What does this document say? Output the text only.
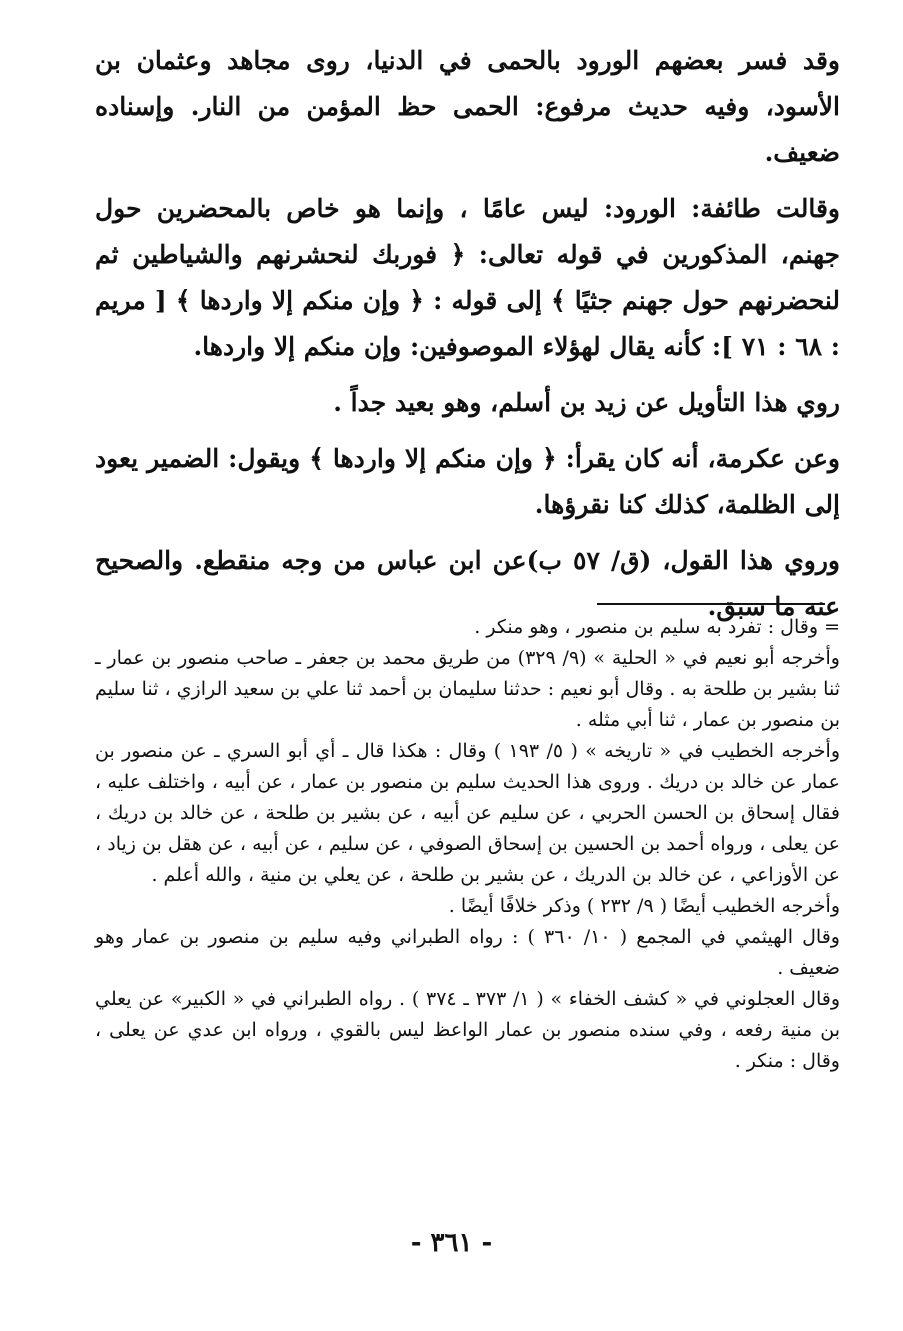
وقد فسر بعضهم الورود بالحمى في الدنيا، روى مجاهد وعثمان بن الأسود، وفيه حديث مرفوع: الحمى حظ المؤمن من النار. وإسناده ضعيف.

وقالت طائفة: الورود: ليس عامًا ، وإنما هو خاص بالمحضرين حول جهنم، المذكورين في قوله تعالى: ﴿ فوربك لنحشرنهم والشياطين ثم لنحضرنهم حول جهنم جثيًا ﴾ إلى قوله : ﴿ وإن منكم إلا واردها ﴾ [ مريم : ٦٨ : ٧١ ]: كأنه يقال لهؤلاء الموصوفين: وإن منكم إلا واردها.

روي هذا التأويل عن زيد بن أسلم، وهو بعيد جداً .

وعن عكرمة، أنه كان يقرأ: ﴿ وإن منكم إلا واردها ﴾ ويقول: الضمير يعود إلى الظلمة، كذلك كنا نقرؤها.

وروي هذا القول، (ق/ ٥٧ ب)عن ابن عباس من وجه منقطع. والصحيح عنه ما سبق.

= وقال : تفرد به سليم بن منصور ، وهو منكر .

وأخرجه أبو نعيم في « الحلية » (٩/ ٣٢٩) من طريق محمد بن جعفر ـ صاحب منصور بن عمار ـ ثنا بشير بن طلحة به . وقال أبو نعيم : حدثنا سليمان بن أحمد ثنا علي بن سعيد الرازي ، ثنا سليم بن منصور بن عمار ، ثنا أبي مثله .

وأخرجه الخطيب في « تاريخه » ( ٥/ ١٩٣ ) وقال : هكذا قال ـ أي أبو السري ـ عن منصور بن عمار عن خالد بن دريك . وروى هذا الحديث سليم بن منصور بن عمار ، عن أبيه ، واختلف عليه ، فقال إسحاق بن الحسن الحربي ، عن سليم عن أبيه ، عن بشير بن طلحة ، عن خالد بن دريك ، عن يعلى ، ورواه أحمد بن الحسين بن إسحاق الصوفي ، عن سليم ، عن أبيه ، عن هقل بن زياد ، عن الأوزاعي ، عن خالد بن الدريك ، عن بشير بن طلحة ، عن يعلي بن منية ، والله أعلم .

وأخرجه الخطيب أيضًا ( ٩/ ٢٣٢ ) وذكر خلافًا أيضًا .

وقال الهيثمي في المجمع ( ١٠/ ٣٦٠ ) : رواه الطبراني وفيه سليم بن منصور بن عمار وهو ضعيف .

وقال العجلوني في « كشف الخفاء » ( ١/ ٣٧٣ ـ ٣٧٤ ) . رواه الطبراني في « الكبير» عن يعلي بن منية رفعه ، وفي سنده منصور بن عمار الواعظ ليس بالقوي ، ورواه ابن عدي عن يعلى ، وقال : منكر .

- ٣٦١ -
